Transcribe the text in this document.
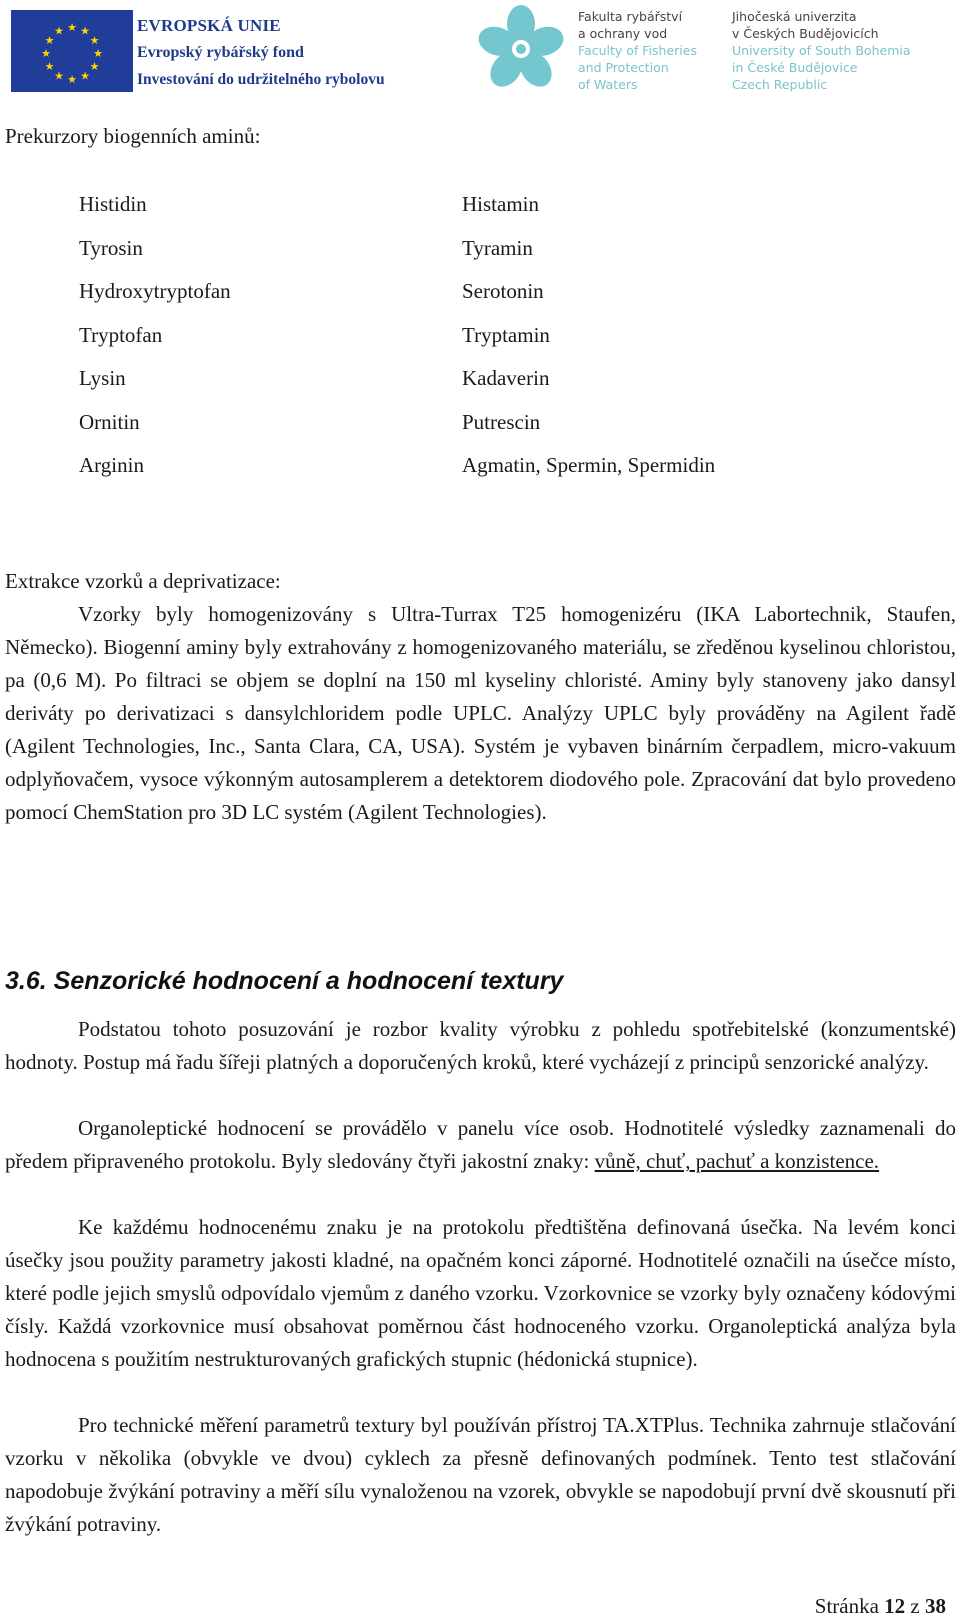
★ ★
★
★
★
★
★
★
★
★
★
★	EVROPSKÁ UNIE
Evropský rybářský fond
Investování do udržitelného rybolovu
Fakulta rybářství
a ochrany vod
Faculty of Fisheries
and Protection
of Waters
Jihočeská univerzita
v Českých Budějovicích
University of South Bohemia
in České Budějovice
Czech Republic
Prekurzory biogenních aminů:
Histidin
Tyrosin
Hydroxytryptofan
Tryptofan
Lysin
Ornitin
Arginin
Histamin
Tyramin
Serotonin
Tryptamin
Kadaverin
Putrescin
Agmatin, Spermin, Spermidin

Extrakce vzorků a deprivatizace:

Vzorky byly homogenizovány s Ultra-Turrax T25 homogenizéru (IKA Labortechnik, Staufen, Německo). Biogenní aminy byly extrahovány z homogenizovaného materiálu, se zředěnou kyselinou chloristou, pa (0,6 M). Po filtraci se objem se doplní na 150 ml kyseliny chloristé. Aminy byly stanoveny jako dansyl deriváty po derivatizaci s dansylchloridem podle UPLC. Analýzy UPLC byly prováděny na Agilent řadě (Agilent Technologies, Inc., Santa Clara, CA, USA). Systém je vybaven binárním čerpadlem, micro-vakuum odplyňovačem, vysoce výkonným autosamplerem a detektorem diodového pole. Zpracování dat bylo provedeno pomocí ChemStation pro 3D LC systém (Agilent Technologies).

3.6. Senzorické hodnocení a hodnocení textury

Podstatou tohoto posuzování je rozbor kvality výrobku z pohledu spotřebitelské (konzumentské) hodnoty. Postup má řadu šířeji platných a doporučených kroků, které vycházejí z principů senzorické analýzy.

Organoleptické hodnocení se provádělo v panelu více osob. Hodnotitelé výsledky zaznamenali do předem připraveného protokolu. Byly sledovány čtyři jakostní znaky: vůně, chuť, pachuť a konzistence.

Ke každému hodnocenému znaku je na protokolu předtištěna definovaná úsečka. Na levém konci úsečky jsou použity parametry jakosti kladné, na opačném konci záporné. Hodnotitelé označili na úsečce místo, které podle jejich smyslů odpovídalo vjemům z daného vzorku. Vzorkovnice se vzorky byly označeny kódovými čísly. Každá vzorkovnice musí obsahovat poměrnou část hodnoceného vzorku. Organoleptická analýza byla hodnocena s použitím nestrukturovaných grafických stupnic (hédonická stupnice).

Pro technické měření parametrů textury byl používán přístroj TA.XTPlus. Technika zahrnuje stlačování vzorku v několika (obvykle ve dvou) cyklech za přesně definovaných podmínek. Tento test stlačování napodobuje žvýkání potraviny a měří sílu vynaloženou na vzorek, obvykle se napodobují první dvě skousnutí při žvýkání potraviny.

Stránka 12 z 38
